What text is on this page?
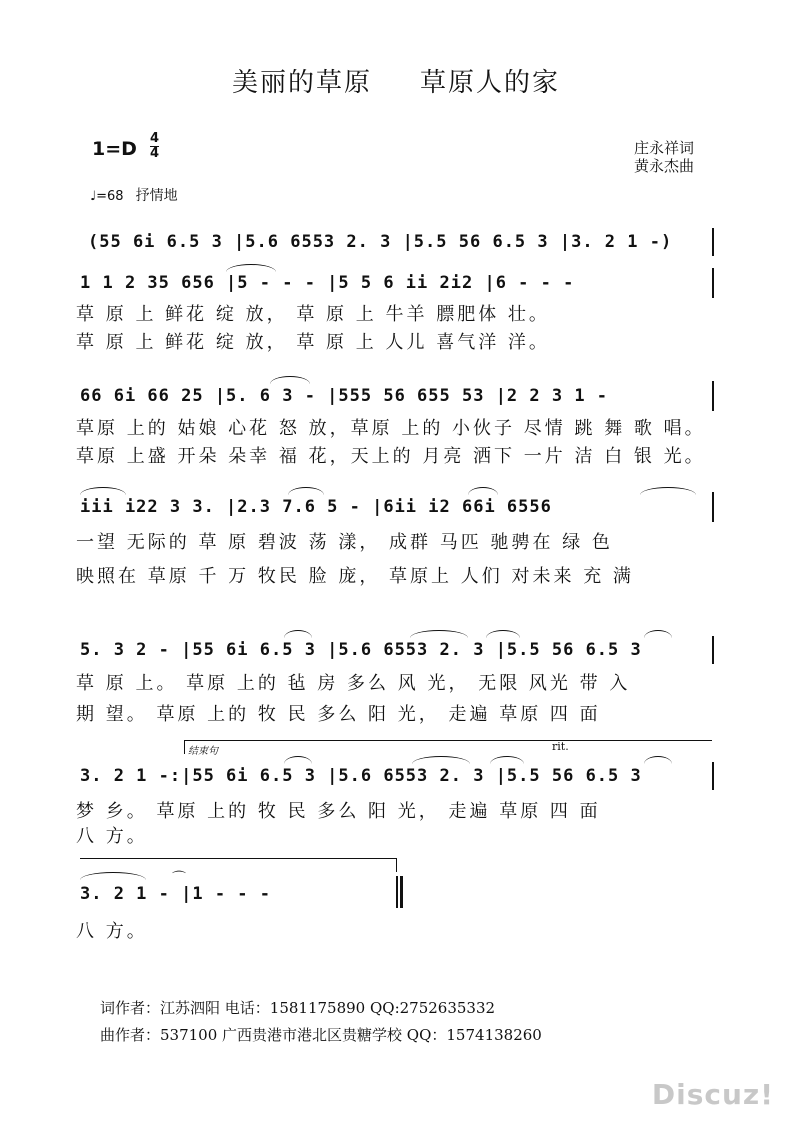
美丽的草原 草原人的家
1=D 4
4	庄永祥词
黄永杰曲
♩=68 抒情地
(55 6i 6.5 3 |5.6 6553 2. 3 |5.5 56 6.5 3 |3. 2 1 -)
1 1 2 35 656 |5 - - - |5 5 6 ii 2i2 |6 - - -
草 原 上 鲜花 绽 放， 草 原 上 牛羊 膘肥体 壮。
草 原 上 鲜花 绽 放， 草 原 上 人儿 喜气洋 洋。
66 6i 66 25 |5. 6 3 - |555 56 655 53 |2 2 3 1 -
草原 上的 姑娘 心花 怒 放，草原 上的 小伙子 尽情 跳 舞 歌 唱。
草原 上盛 开朵 朵幸 福 花，天上的 月亮 洒下 一片 洁 白 银 光。
iii i22 3 3. |2.3 7.6 5 - |6ii i2 66i 6556
一望 无际的 草 原 碧波 荡 漾， 成群 马匹 驰骋在 绿 色
映照在 草原 千 万 牧民 脸 庞， 草原上 人们 对未来 充 满
5. 3 2 - |55 6i 6.5 3 |5.6 6553 2. 3 |5.5 56 6.5 3
草 原 上。 草原 上的 毡 房 多么 风 光， 无限 风光 带 入
期 望。 草原 上的 牧 民 多么 阳 光， 走遍 草原 四 面
结束句	rit.
3. 2 1 -:|55 6i 6.5 3 |5.6 6553 2. 3 |5.5 56 6.5 3
梦 乡。 草原 上的 牧 民 多么 阳 光， 走遍 草原 四 面
八 方。
⌒
3. 2 1 - |1 - - -
八 方。
词作者：江苏泗阳 电话：1581175890 QQ:2752635332
曲作者：537100 广西贵港市港北区贵糖学校 QQ：1574138260
Discuz!
